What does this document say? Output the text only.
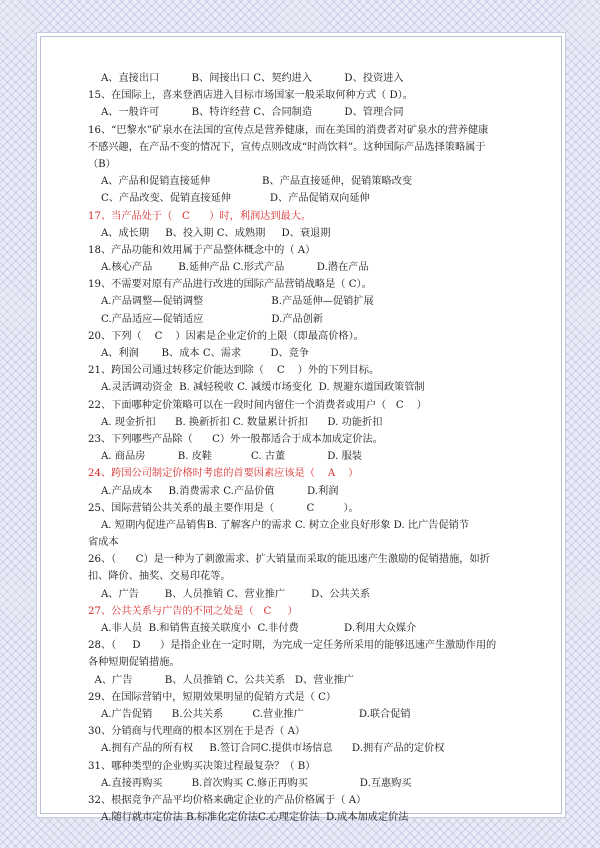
A、直接出口          B、间接出口 C、契约进入          D、投资进入
15、在国际上，喜来登酒店进入目标市场国家一般采取何种方式（ D）。
A、一般许可          B、特许经营 C、合同制造          D、管理合同
16、“巴黎水”矿泉水在法国的宣传点是营养健康，而在美国的消费者对矿泉水的营养健康
不感兴趣，在产品不变的情况下，宣传点则改成“时尚饮料”。这种国际产品选择策略属于
（B）
A、产品和促销直接延伸                B、产品直接延伸，促销策略改变
C、产品改变、促销直接延伸            D、产品促销双向延伸
17、当产品处于（   C      ）时，利润达到最大。
A、成长期     B、投入期 C、成熟期     D、衰退期
18、产品功能和效用属于产品整体概念中的（ A）
A.核心产品        B.延伸产品 C.形式产品          D.潜在产品
19、不需要对原有产品进行改进的国际产品营销战略是（ C）。
A.产品调整—促销调整                     B.产品延伸—促销扩展
C.产品适应—促销适应                     D.产品创新
20、下列（    C    ）因素是企业定价的上限（即最高价格）。
A、利润       B、成本 C、需求         D、竞争
21、跨国公司通过转移定价能达到除（    C    ）外的下列目标。
A.灵活调动资金  B. 减轻税收 C. 减缓市场变化  D. 规避东道国政策管制
22、下面哪种定价策略可以在一段时间内留住一个消费者或用户（   C    ）
A. 现金折扣      B. 换新折扣 C. 数量累计折扣      D. 功能折扣
23、下列哪些产品除（      C）外一般都适合于成本加成定价法。
A. 商品房          B. 皮鞋            C. 古董             D. 服装
24、跨国公司制定价格时考虑的首要因素应该是（    A    ）
A.产品成本     B.消费需求 C.产品价值          D.利润
25、国际营销公共关系的最主要作用是（          C         ）。
A. 短期内促进产品销售B. 了解客户的需求 C. 树立企业良好形象 D. 比广告促销节
省成本
26、（      C）是一种为了刺激需求、扩大销量而采取的能迅速产生激励的促销措施，如折
扣、降价、抽奖、交易印花等。
A、广告        B、人员推销 C、营业推广        D、公共关系
27、公共关系与广告的不同之处是（   C     ）
A.非人员  B.和销售直接关联度小  C.非付费              D.利用大众媒介
28、（     D      ）是指企业在一定时期，为完成一定任务所采用的能够迅速产生激励作用的
各种短期促销措施。
A、广告          B、人员推销 C、公共关系   D、营业推广
29、在国际营销中，短期效果明显的促销方式是（ C）
A.广告促销      B.公共关系         C.营业推广                 D.联合促销
30、分销商与代理商的根本区别在于是否（ A）
A.拥有产品的所有权     B.签订合同C.提供市场信息      D.拥有产品的定价权
31、哪种类型的企业购买决策过程最复杂？（ B）
A.直接再购买         B.首次购买 C.修正再购买                D.互惠购买
32、根据竞争产品平均价格来确定企业的产品价格属于（ A）
A.随行就市定价法 B.标准化定价法C.心理定价法  D.成本加成定价法
